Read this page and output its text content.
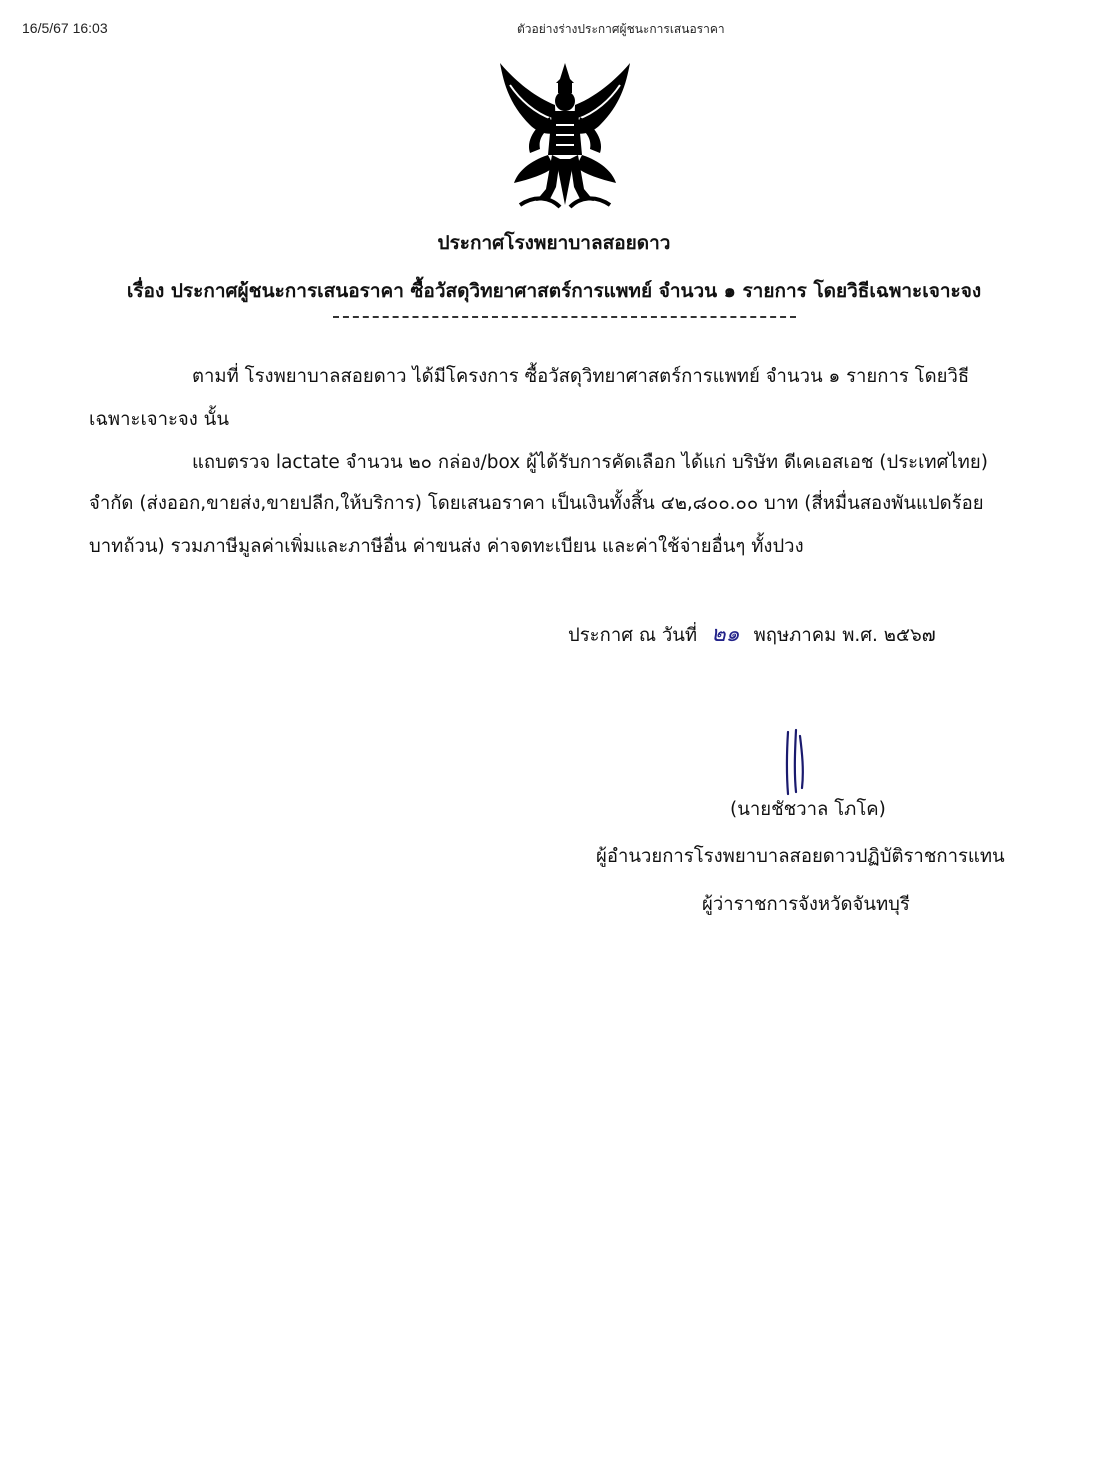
16/5/67 16:03	ตัวอย่างร่างประกาศผู้ชนะการเสนอราคา
ประกาศโรงพยาบาลสอยดาว
เรื่อง ประกาศผู้ชนะการเสนอราคา ซื้อวัสดุวิทยาศาสตร์การแพทย์ จำนวน ๑ รายการ โดยวิธีเฉพาะเจาะจง
ตามที่ โรงพยาบาลสอยดาว ได้มีโครงการ ซื้อวัสดุวิทยาศาสตร์การแพทย์ จำนวน ๑ รายการ โดยวิธี
เฉพาะเจาะจง นั้น
แถบตรวจ lactate จำนวน ๒๐ กล่อง/box ผู้ได้รับการคัดเลือก ได้แก่ บริษัท ดีเคเอสเอช (ประเทศไทย)
จำกัด (ส่งออก,ขายส่ง,ขายปลีก,ให้บริการ) โดยเสนอราคา เป็นเงินทั้งสิ้น ๔๒,๘๐๐.๐๐ บาท (สี่หมื่นสองพันแปดร้อย
บาทถ้วน) รวมภาษีมูลค่าเพิ่มและภาษีอื่น ค่าขนส่ง ค่าจดทะเบียน และค่าใช้จ่ายอื่นๆ ทั้งปวง
ประกาศ ณ วันที่ ๒๑ พฤษภาคม พ.ศ. ๒๕๖๗
(นายชัชวาล โภโค)
ผู้อำนวยการโรงพยาบาลสอยดาวปฏิบัติราชการแทน
ผู้ว่าราชการจังหวัดจันทบุรี
